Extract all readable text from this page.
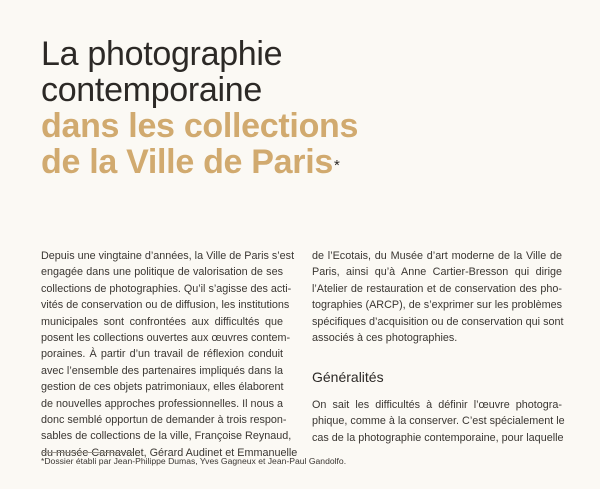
La photographie
contemporaine
dans les collections
de la Ville de Paris*
Depuis une vingtaine d’années, la Ville de Paris s’est
engagée dans une politique de valorisation de ses
collections de photographies. Qu’il s’agisse des acti-
vités de conservation ou de diffusion, les institutions
municipales sont confrontées aux difficultés que
posent les collections ouvertes aux œuvres contem-
poraines. À partir d’un travail de réflexion conduit
avec l’ensemble des partenaires impliqués dans la
gestion de ces objets patrimoniaux, elles élaborent
de nouvelles approches professionnelles. Il nous a
donc semblé opportun de demander à trois respon-
sables de collections de la ville, Françoise Reynaud,
du musée Carnavalet, Gérard Audinet et Emmanuelle
de l’Ecotais, du Musée d’art moderne de la Ville de
Paris, ainsi qu’à Anne Cartier-Bresson qui dirige
l’Atelier de restauration et de conservation des pho-
tographies (ARCP), de s’exprimer sur les problèmes
spécifiques d’acquisition ou de conservation qui sont
associés à ces photographies.
Généralités
On sait les difficultés à définir l’œuvre photogra-
phique, comme à la conserver. C’est spécialement le
cas de la photographie contemporaine, pour laquelle
*Dossier établi par Jean-Philippe Dumas, Yves Gagneux et Jean-Paul Gandolfo.
